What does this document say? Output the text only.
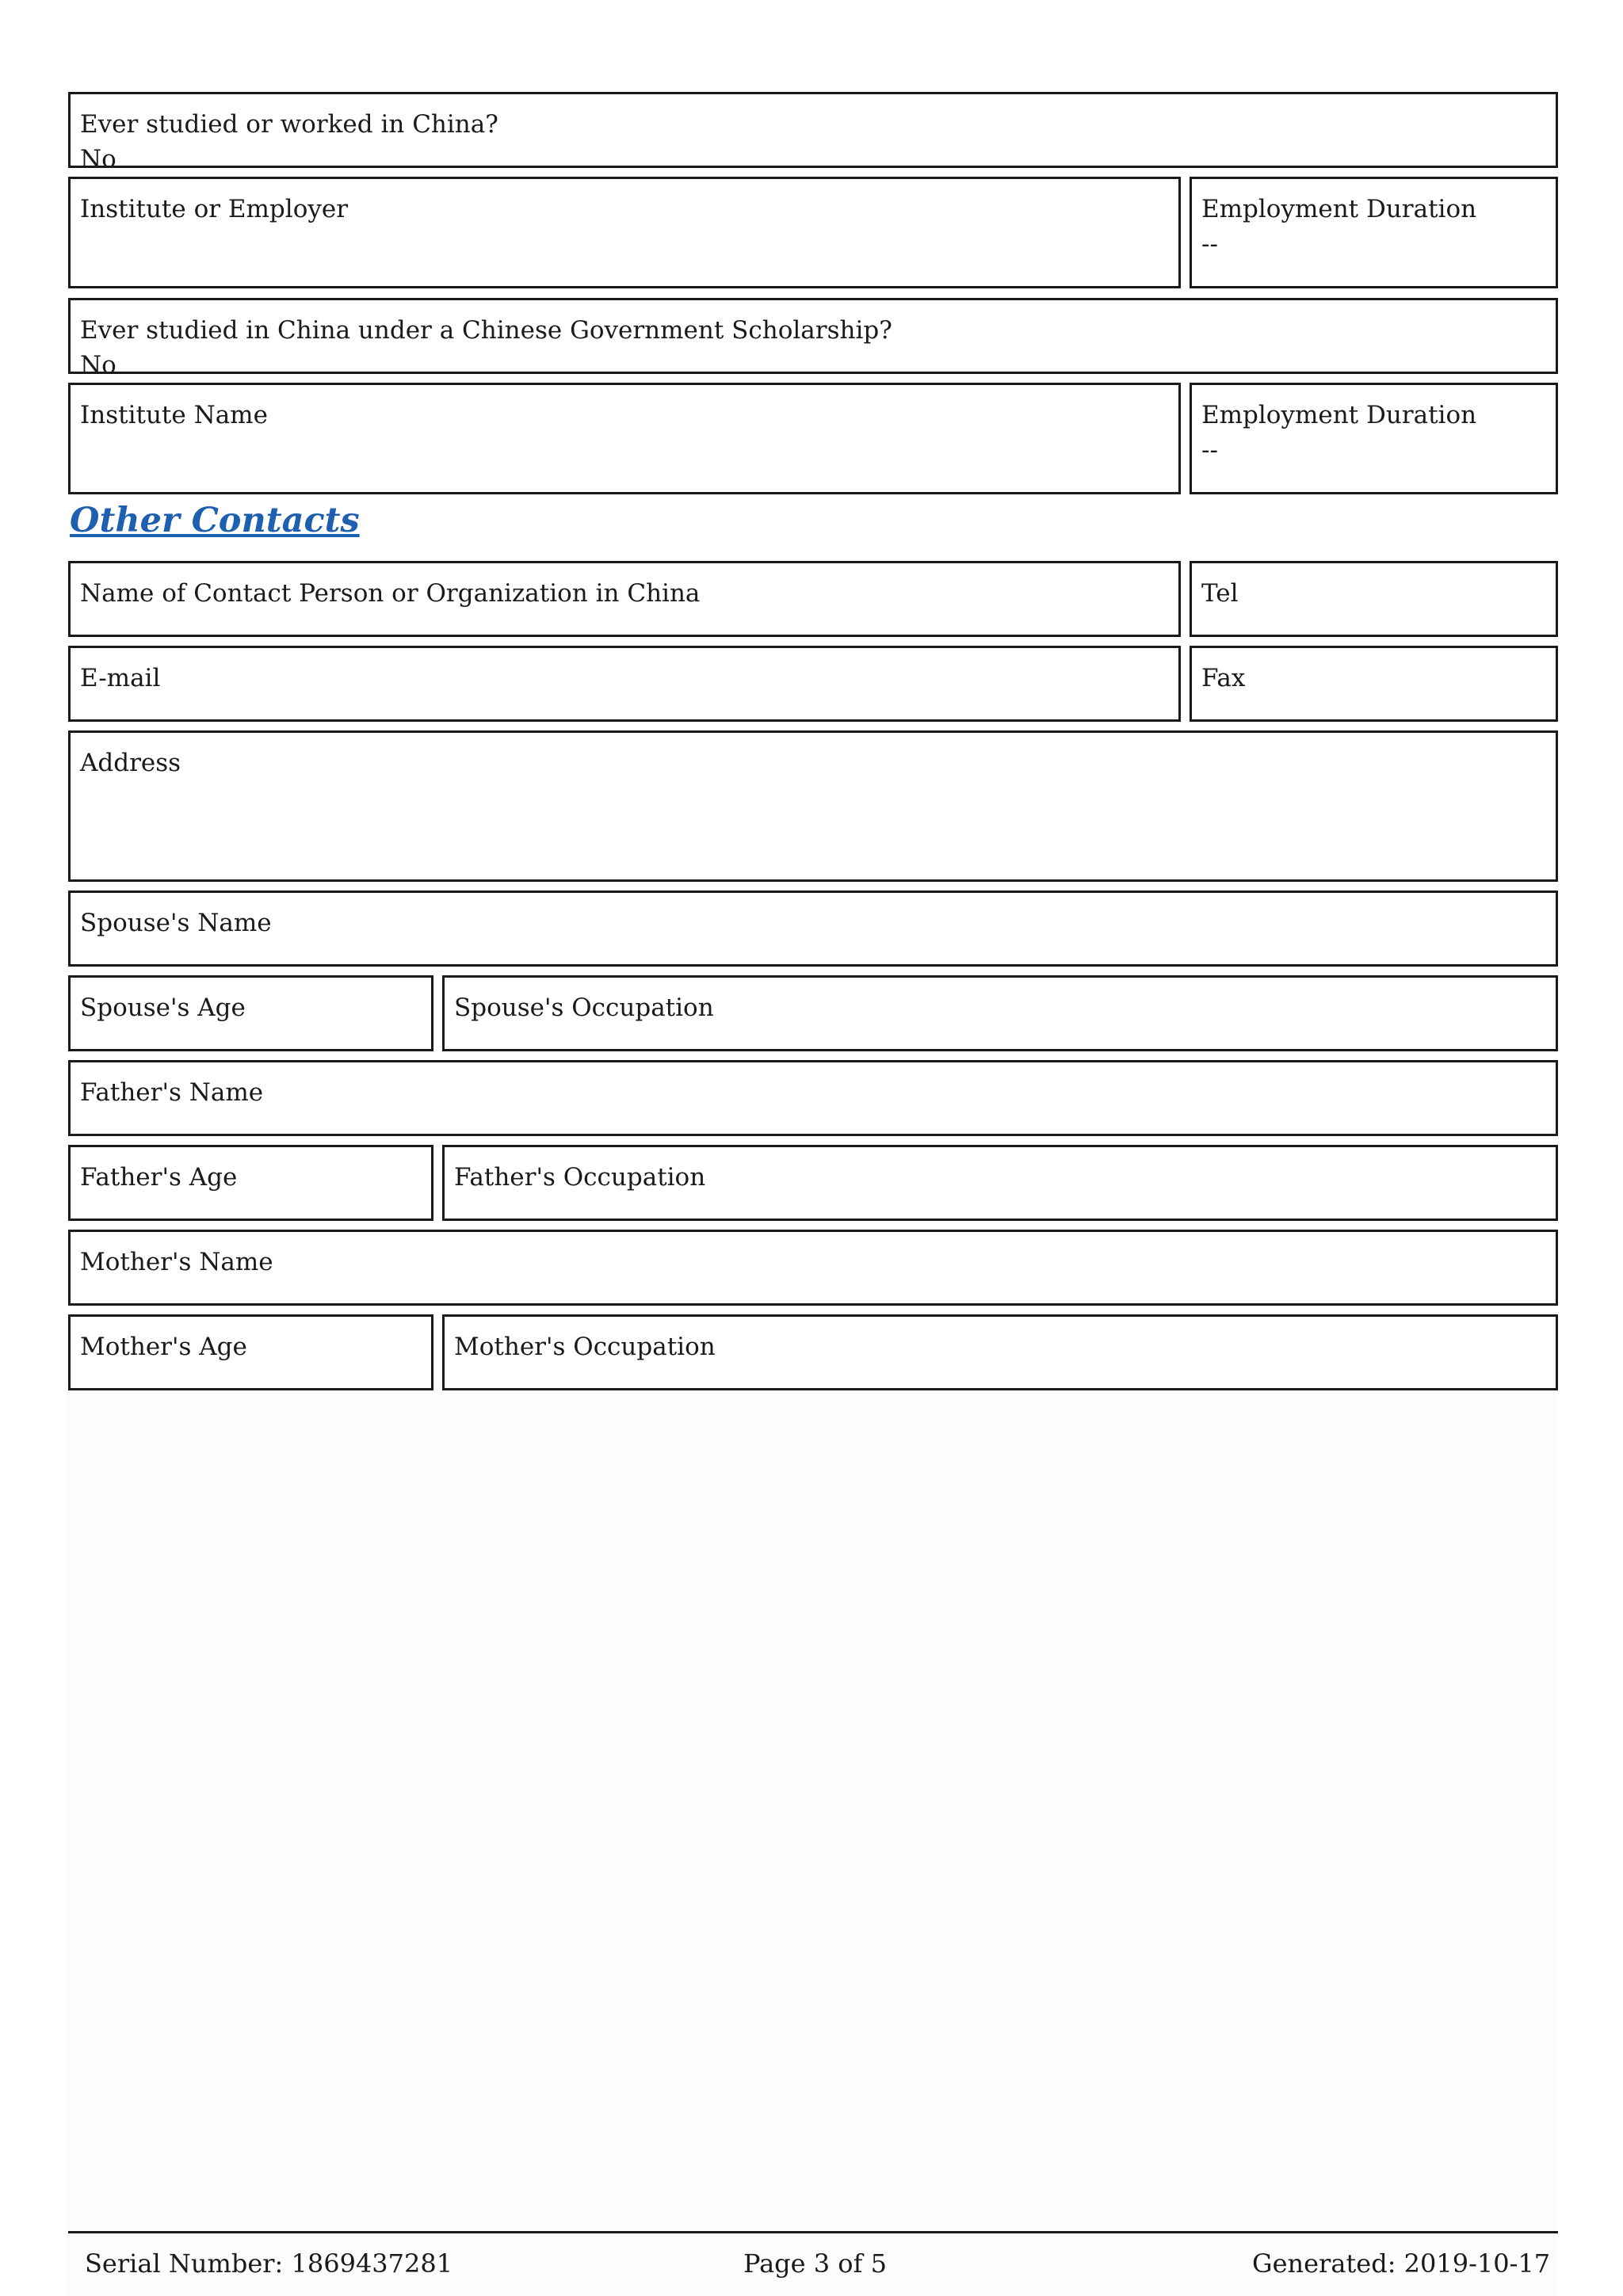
Ever studied or worked in China?
No
Institute or Employer	Employment Duration
--
Ever studied in China under a Chinese Government Scholarship?
No
Institute Name	Employment Duration
--
Other Contacts
Name of Contact Person or Organization in China	Tel
E-mail	Fax
Address
Spouse's Name
Spouse's Age	Spouse's Occupation
Father's Name
Father's Age	Father's Occupation
Mother's Name
Mother's Age	Mother's Occupation
Serial Number: 1869437281	Page 3 of 5	Generated: 2019-10-17
